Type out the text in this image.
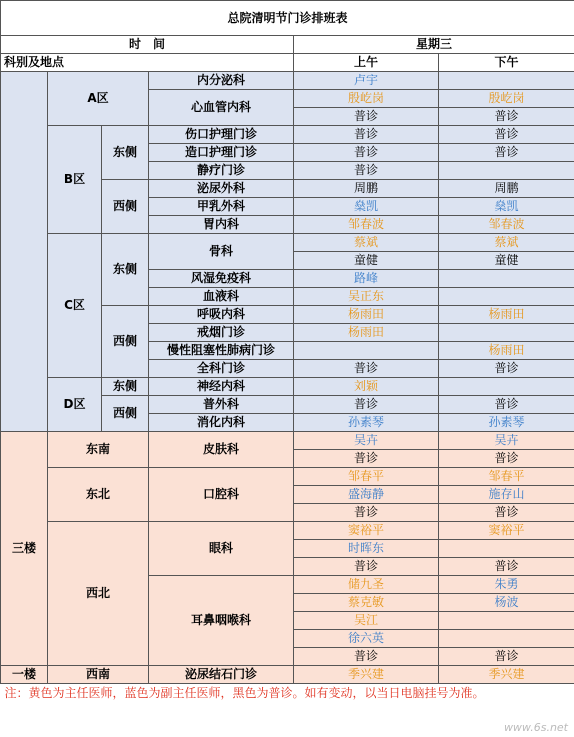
总院清明节门诊排班表					
时　间				星期三	
科别及地点				上午	下午
	A区		内分泌科	卢宇	
			心血管内科	殷屹岗	殷屹岗
				普诊	普诊
	B区	东侧	伤口护理门诊	普诊	普诊
			造口护理门诊	普诊	普诊
			静疗门诊	普诊	
		西侧	泌尿外科	周鹏	周鹏
			甲乳外科	燊凯	燊凯
			胃内科	邹春波	邹春波
	C区	东侧	骨科	蔡斌	蔡斌
				童健	童健
			风湿免疫科	路峰	
			血液科	吴正东	
		西侧	呼吸内科	杨雨田	杨雨田
			戒烟门诊	杨雨田	
			慢性阻塞性肺病门诊		杨雨田
			全科门诊	普诊	普诊
	D区	东侧	神经内科	刘颖	
		西侧	普外科	普诊	普诊
			消化内科	孙素琴	孙素琴
三楼	东南		皮肤科	吴卉	吴卉
				普诊	普诊
	东北		口腔科	邹春平	邹春平
				盛海静	施存山
				普诊	普诊
	西北		眼科	窦裕平	窦裕平
				时晖东	
				普诊	普诊
			耳鼻咽喉科	储九圣	朱勇
				蔡克敏	杨波
				吴江	
				徐六英	
				普诊	普诊
一楼	西南		泌尿结石门诊	季兴建	季兴建
注：黄色为主任医师，蓝色为副主任医师，黑色为普诊。如有变动，以当日电脑挂号为准。					
www.6s.net
